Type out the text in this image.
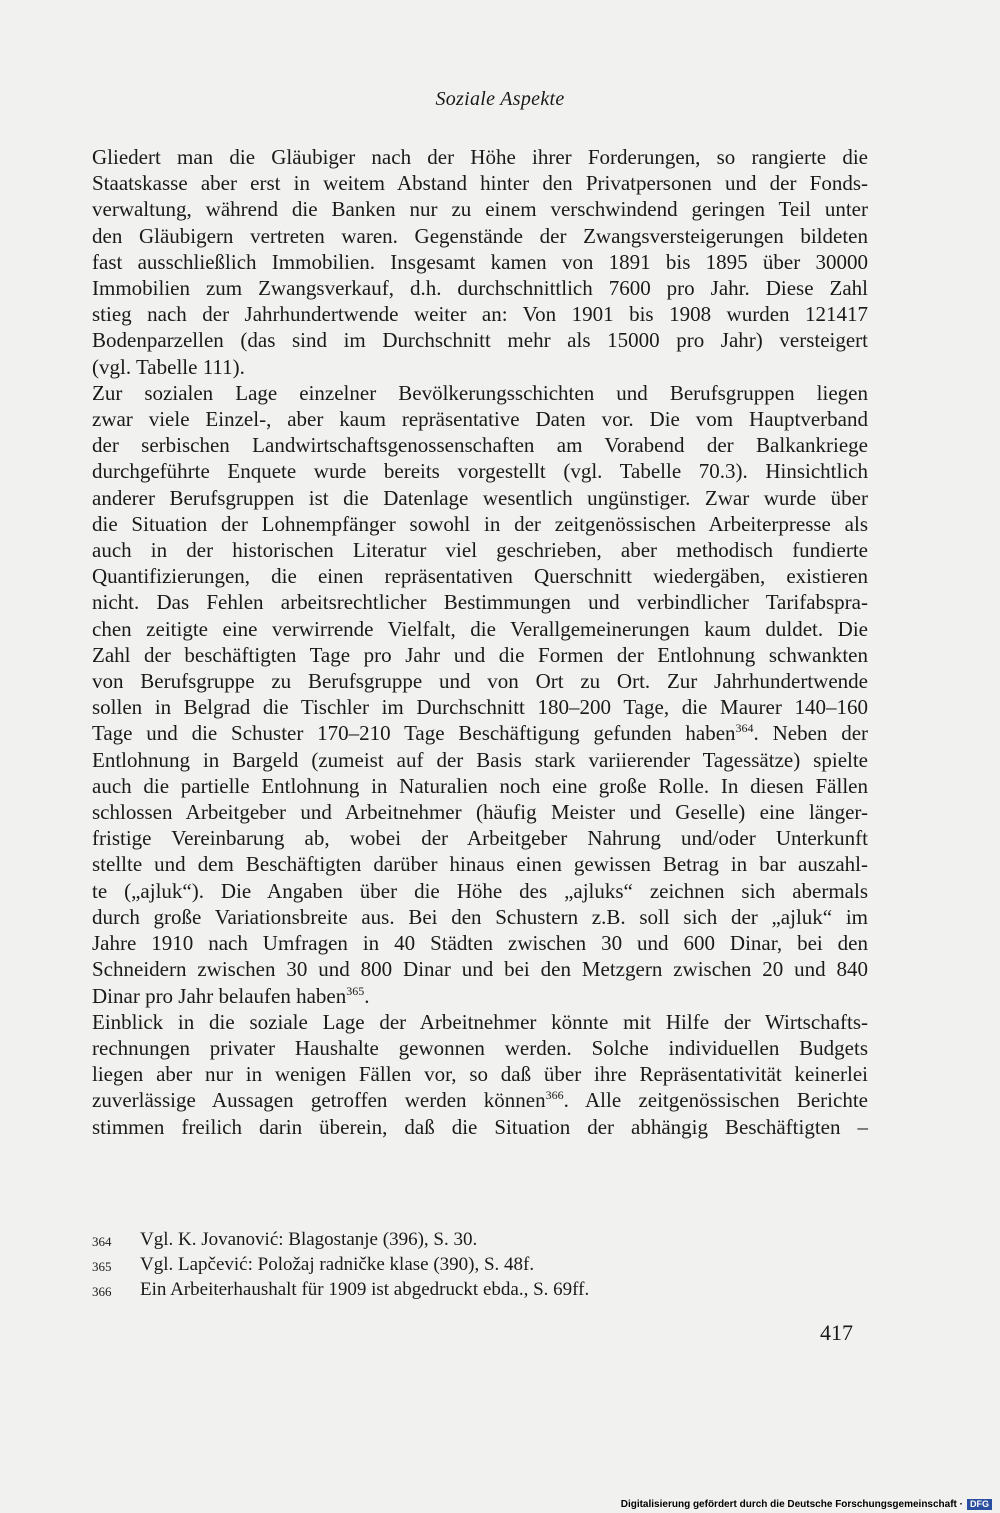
Soziale Aspekte

Gliedert man die Gläubiger nach der Höhe ihrer Forderungen, so rangierte die
Staatskasse aber erst in weitem Abstand hinter den Privatpersonen und der Fonds-
verwaltung, während die Banken nur zu einem verschwindend geringen Teil unter
den Gläubigern vertreten waren. Gegenstände der Zwangsversteigerungen bildeten
fast ausschließlich Immobilien. Insgesamt kamen von 1891 bis 1895 über 30000
Immobilien zum Zwangsverkauf, d.h. durchschnittlich 7600 pro Jahr. Diese Zahl
stieg nach der Jahrhundertwende weiter an: Von 1901 bis 1908 wurden 121417
Bodenparzellen (das sind im Durchschnitt mehr als 15000 pro Jahr) versteigert
(vgl. Tabelle 111).

Zur sozialen Lage einzelner Bevölkerungsschichten und Berufsgruppen liegen
zwar viele Einzel-, aber kaum repräsentative Daten vor. Die vom Hauptverband
der serbischen Landwirtschaftsgenossenschaften am Vorabend der Balkankriege
durchgeführte Enquete wurde bereits vorgestellt (vgl. Tabelle 70.3). Hinsichtlich
anderer Berufsgruppen ist die Datenlage wesentlich ungünstiger. Zwar wurde über
die Situation der Lohnempfänger sowohl in der zeitgenössischen Arbeiterpresse als
auch in der historischen Literatur viel geschrieben, aber methodisch fundierte
Quantifizierungen, die einen repräsentativen Querschnitt wiedergäben, existieren
nicht. Das Fehlen arbeitsrechtlicher Bestimmungen und verbindlicher Tarifabspra-
chen zeitigte eine verwirrende Vielfalt, die Verallgemeinerungen kaum duldet. Die
Zahl der beschäftigten Tage pro Jahr und die Formen der Entlohnung schwankten
von Berufsgruppe zu Berufsgruppe und von Ort zu Ort. Zur Jahrhundertwende
sollen in Belgrad die Tischler im Durchschnitt 180–200 Tage, die Maurer 140–160
Tage und die Schuster 170–210 Tage Beschäftigung gefunden haben$^{364}$. Neben der
Entlohnung in Bargeld (zumeist auf der Basis stark variierender Tagessätze) spielte
auch die partielle Entlohnung in Naturalien noch eine große Rolle. In diesen Fällen
schlossen Arbeitgeber und Arbeitnehmer (häufig Meister und Geselle) eine länger-
fristige Vereinbarung ab, wobei der Arbeitgeber Nahrung und/oder Unterkunft
stellte und dem Beschäftigten darüber hinaus einen gewissen Betrag in bar auszahl-
te („ajluk“). Die Angaben über die Höhe des „ajluks“ zeichnen sich abermals
durch große Variationsbreite aus. Bei den Schustern z.B. soll sich der „ajluk“ im
Jahre 1910 nach Umfragen in 40 Städten zwischen 30 und 600 Dinar, bei den
Schneidern zwischen 30 und 800 Dinar und bei den Metzgern zwischen 20 und 840
Dinar pro Jahr belaufen haben$^{365}$.

Einblick in die soziale Lage der Arbeitnehmer könnte mit Hilfe der Wirtschafts-
rechnungen privater Haushalte gewonnen werden. Solche individuellen Budgets
liegen aber nur in wenigen Fällen vor, so daß über ihre Repräsentativität keinerlei
zuverlässige Aussagen getroffen werden können$^{366}$. Alle zeitgenössischen Berichte
stimmen freilich darin überein, daß die Situation der abhängig Beschäftigten –

364	Vgl. K. Jovanović: Blagostanje (396), S. 30.
365	Vgl. Lapčević: Položaj radničke klase (390), S. 48f.
366	Ein Arbeiterhaushalt für 1909 ist abgedruckt ebda., S. 69ff.
417
Digitalisierung gefördert durch die Deutsche Forschungsgemeinschaft · DFG
